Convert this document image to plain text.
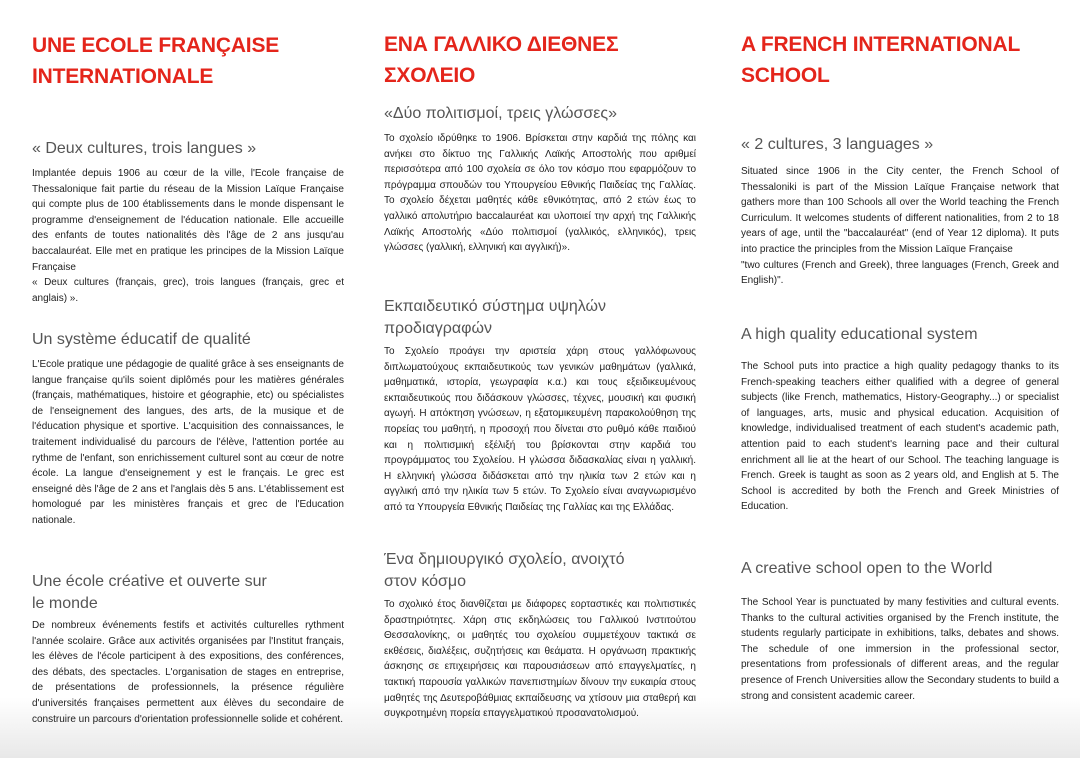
UNE ECOLE FRANÇAISE
INTERNATIONALE
« Deux cultures, trois langues »

Implantée depuis 1906 au cœur de la ville, l'Ecole française de Thessalonique fait partie du réseau de la Mission Laïque Française qui compte plus de 100 établissements dans le monde dispensant le programme d'enseignement de l'éducation nationale. Elle accueille des enfants de toutes nationalités dès l'âge de 2 ans jusqu'au baccalauréat. Elle met en pratique les principes de la Mission Laïque Française
« Deux cultures (français, grec), trois langues (français, grec et anglais) ».

Un système éducatif de qualité

L'Ecole pratique une pédagogie de qualité grâce à ses enseignants de langue française qu'ils soient diplômés pour les matières générales (français, mathématiques, histoire et géographie, etc) ou spécialistes de l'enseignement des langues, des arts, de la musique et de l'éducation physique et sportive. L'acquisition des connaissances, le traitement individualisé du parcours de l'élève, l'attention portée au rythme de l'enfant, son enrichissement culturel sont au cœur de notre école. La langue d'enseignement y est le français. Le grec est enseigné dès l'âge de 2 ans et l'anglais dès 5 ans. L'établissement est homologué par les ministères français et grec de l'Education nationale.

Une école créative et ouverte sur
le monde

De nombreux événements festifs et activités culturelles rythment l'année scolaire. Grâce aux activités organisées par l'Institut français, les élèves de l'école participent à des expositions, des conférences, des débats, des spectacles. L'organisation de stages en entreprise, de présentations de professionnels, la présence régulière d'universités françaises permettent aux élèves du secondaire de construire un parcours d'orientation professionnelle solide et cohérent.

ΕΝΑ ΓΑΛΛΙΚΟ ΔΙΕΘΝΕΣ
ΣΧΟΛΕΙΟ
«Δύο πολιτισμοί, τρεις γλώσσες»

Το σχολείο ιδρύθηκε το 1906. Βρίσκεται στην καρδιά της πόλης και ανήκει στο δίκτυο της Γαλλικής Λαϊκής Αποστολής που αριθμεί περισσότερα από 100 σχολεία σε όλο τον κόσμο που εφαρμόζουν το πρόγραμμα σπουδών του Υπουργείου Εθνικής Παιδείας της Γαλλίας. Το σχολείο δέχεται μαθητές κάθε εθνικότητας, από 2 ετών έως το γαλλικό απολυτήριο baccalauréat και υλοποιεί την αρχή της Γαλλικής Λαϊκής Αποστολής «Δύο πολιτισμοί (γαλλικός, ελληνικός), τρεις γλώσσες (γαλλική, ελληνική και αγγλική)».

Εκπαιδευτικό σύστημα υψηλών
προδιαγραφών

Το Σχολείο προάγει την αριστεία χάρη στους γαλλόφωνους διπλωματούχους εκπαιδευτικούς των γενικών μαθημάτων (γαλλικά, μαθηματικά, ιστορία, γεωγραφία κ.α.) και τους εξειδικευμένους εκπαιδευτικούς που διδάσκουν γλώσσες, τέχνες, μουσική και φυσική αγωγή. Η απόκτηση γνώσεων, η εξατομικευμένη παρακολούθηση της πορείας του μαθητή, η προσοχή που δίνεται στο ρυθμό κάθε παιδιού και η πολιτισμική εξέλιξή του βρίσκονται στην καρδιά του προγράμματος του Σχολείου. Η γλώσσα διδασκαλίας είναι η γαλλική. Η ελληνική γλώσσα διδάσκεται από την ηλικία των 2 ετών και η αγγλική από την ηλικία των 5 ετών. Το Σχολείο είναι αναγνωρισμένο από τα Υπουργεία Εθνικής Παιδείας της Γαλλίας και της Ελλάδας.

Ένα δημιουργικό σχολείο, ανοιχτό
στον κόσμο

Το σχολικό έτος διανθίζεται με διάφορες εορταστικές και πολιτιστικές δραστηριότητες. Χάρη στις εκδηλώσεις του Γαλλικού Ινστιτούτου Θεσσαλονίκης, οι μαθητές του σχολείου συμμετέχουν τακτικά σε εκθέσεις, διαλέξεις, συζητήσεις και θεάματα. Η οργάνωση πρακτικής άσκησης σε επιχειρήσεις και παρουσιάσεων από επαγγελματίες, η τακτική παρουσία γαλλικών πανεπιστημίων δίνουν την ευκαιρία στους μαθητές της Δευτεροβάθμιας εκπαίδευσης να χτίσουν μια σταθερή και συγκροτημένη πορεία επαγγελματικού προσανατολισμού.

A FRENCH INTERNATIONAL
SCHOOL
« 2 cultures, 3 languages »

Situated since 1906 in the City center, the French School of Thessaloniki is part of the Mission Laïque Française network that gathers more than 100 Schools all over the World teaching the French Curriculum. It welcomes students of different nationalities, from 2 to 18 years of age, until the "baccalauréat" (end of Year 12 diploma). It puts into practice the principles from the Mission Laïque Française
"two cultures (French and Greek), three languages (French, Greek and English)".

A high quality educational system

The School puts into practice a high quality pedagogy thanks to its French-speaking teachers either qualified with a degree of general subjects (like French, mathematics, History-Geography...) or specialist of languages, arts, music and physical education. Acquisition of knowledge, individualised treatment of each student's academic path, attention paid to each student's learning pace and their cultural enrichment all lie at the heart of our School. The teaching language is French. Greek is taught as soon as 2 years old, and English at 5. The School is accredited by both the French and Greek Ministries of Education.

A creative school open to the World

The School Year is punctuated by many festivities and cultural events. Thanks to the cultural activities organised by the French institute, the students regularly participate in exhibitions, talks, debates and shows. The schedule of one immersion in the professional sector, presentations from professionals of different areas, and the regular presence of French Universities allow the Secondary students to build a strong and consistent academic career.
